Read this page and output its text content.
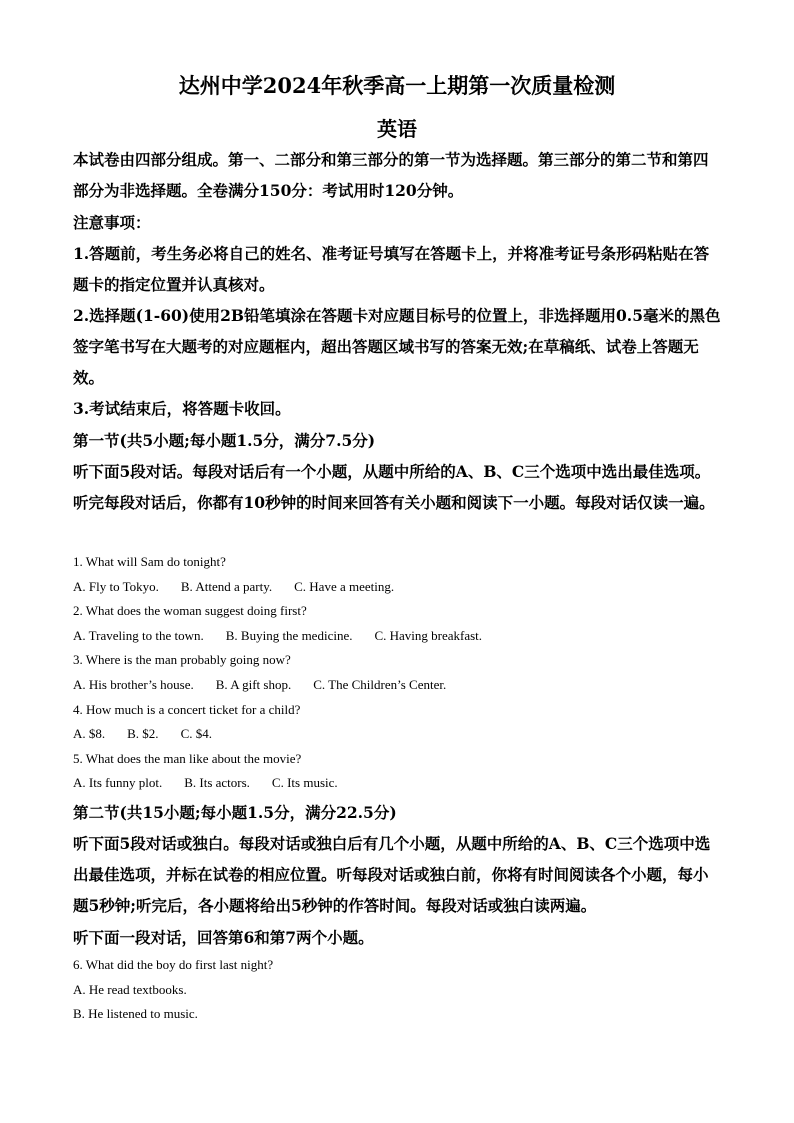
达州中学2024年秋季高一上期第一次质量检测
英语

本试卷由四部分组成。第一、二部分和第三部分的第一节为选择题。第三部分的第二节和第四部分为非选择题。全卷满分150分：考试用时120分钟。

注意事项：

1.答题前，考生务必将自己的姓名、准考证号填写在答题卡上，并将准考证号条形码粘贴在答题卡的指定位置并认真核对。

2.选择题(1-60)使用2B铅笔填涂在答题卡对应题目标号的位置上，非选择题用0.5毫米的黑色签字笔书写在大题考的对应题框内，超出答题区域书写的答案无效;在草稿纸、试卷上答题无效。

3.考试结束后，将答题卡收回。

第一节(共5小题;每小题1.5分，满分7.5分)

听下面5段对话。每段对话后有一个小题，从题中所给的A、B、C三个选项中选出最佳选项。听完每段对话后，你都有10秒钟的时间来回答有关小题和阅读下一小题。每段对话仅读一遍。

1. What will Sam do tonight?

A. Fly to Tokyo. B. Attend a party. C. Have a meeting.

2. What does the woman suggest doing first?

A. Traveling to the town. B. Buying the medicine. C. Having breakfast.

3. Where is the man probably going now?

A. His brother’s house. B. A gift shop. C. The Children’s Center.

4. How much is a concert ticket for a child?

A. $8. B. $2. C. $4.

5. What does the man like about the movie?

A. Its funny plot. B. Its actors. C. Its music.

第二节(共15小题;每小题1.5分，满分22.5分)

听下面5段对话或独白。每段对话或独白后有几个小题，从题中所给的A、B、C三个选项中选出最佳选项，并标在试卷的相应位置。听每段对话或独白前，你将有时间阅读各个小题，每小题5秒钟;听完后，各小题将给出5秒钟的作答时间。每段对话或独白读两遍。

听下面一段对话，回答第6和第7两个小题。

6. What did the boy do first last night?

A. He read textbooks.

B. He listened to music.
